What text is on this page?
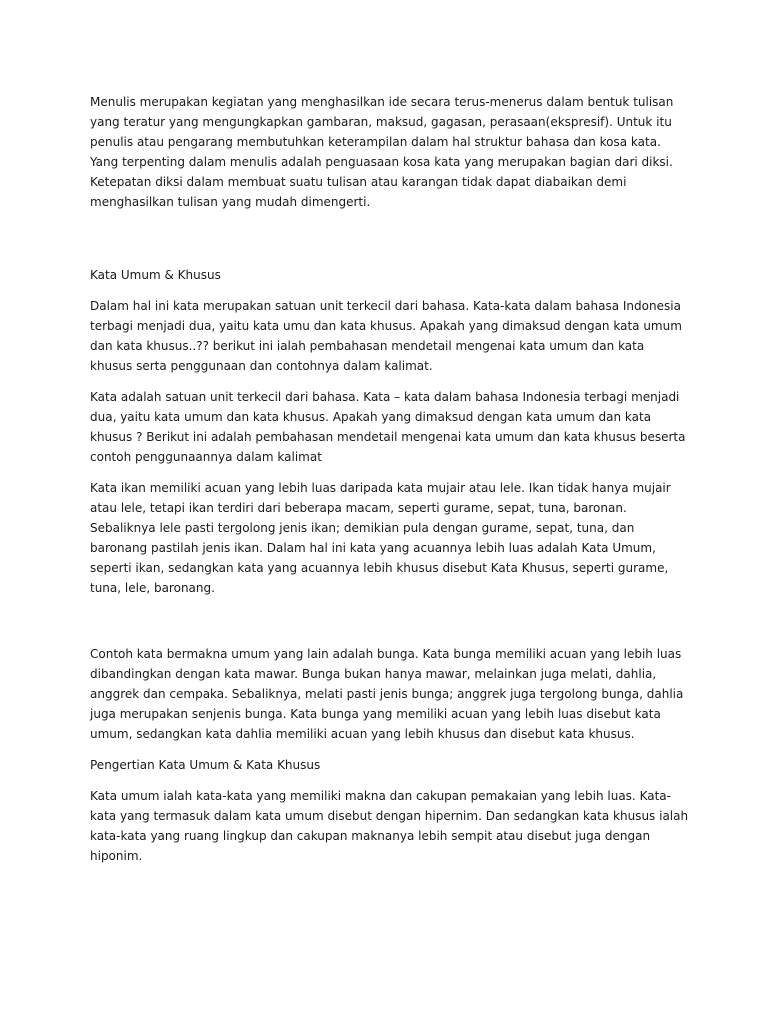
Menulis merupakan kegiatan yang menghasilkan ide secara terus-menerus dalam bentuk tulisan yang teratur yang mengungkapkan gambaran, maksud, gagasan, perasaan(ekspresif). Untuk itu penulis atau pengarang membutuhkan keterampilan dalam hal struktur bahasa dan kosa kata. Yang terpenting dalam menulis adalah penguasaan kosa kata yang merupakan bagian dari diksi. Ketepatan diksi dalam membuat suatu tulisan atau karangan tidak dapat diabaikan demi menghasilkan tulisan yang mudah dimengerti.

Kata Umum & Khusus

Dalam hal ini kata merupakan satuan unit terkecil dari bahasa. Kata-kata dalam bahasa Indonesia terbagi menjadi dua, yaitu kata umu dan kata khusus. Apakah yang dimaksud dengan kata umum dan kata khusus..?? berikut ini ialah pembahasan mendetail mengenai kata umum dan kata khusus serta penggunaan dan contohnya dalam kalimat.

Kata adalah satuan unit terkecil dari bahasa. Kata – kata dalam bahasa Indonesia terbagi menjadi dua, yaitu kata umum dan kata khusus. Apakah yang dimaksud dengan kata umum dan kata khusus ? Berikut ini adalah pembahasan mendetail mengenai kata umum dan kata khusus beserta contoh penggunaannya dalam kalimat

Kata ikan memiliki acuan yang lebih luas daripada kata mujair atau lele. Ikan tidak hanya mujair atau lele, tetapi ikan terdiri dari beberapa macam, seperti gurame, sepat, tuna, baronan. Sebaliknya lele pasti tergolong jenis ikan; demikian pula dengan gurame, sepat, tuna, dan baronang pastilah jenis ikan. Dalam hal ini kata yang acuannya lebih luas adalah Kata Umum, seperti ikan, sedangkan kata yang acuannya lebih khusus disebut Kata Khusus, seperti gurame, tuna, lele, baronang.

Contoh kata bermakna umum yang lain adalah bunga. Kata bunga memiliki acuan yang lebih luas dibandingkan dengan kata mawar. Bunga bukan hanya mawar, melainkan juga melati, dahlia, anggrek dan cempaka. Sebaliknya, melati pasti jenis bunga; anggrek juga tergolong bunga, dahlia juga merupakan senjenis bunga. Kata bunga yang memiliki acuan yang lebih luas disebut kata umum, sedangkan kata dahlia memiliki acuan yang lebih khusus dan disebut kata khusus.

Pengertian Kata Umum & Kata Khusus

Kata umum ialah kata-kata yang memiliki makna dan cakupan pemakaian yang lebih luas. Kata-kata yang termasuk dalam kata umum disebut dengan hipernim. Dan sedangkan kata khusus ialah kata-kata yang ruang lingkup dan cakupan maknanya lebih sempit atau disebut juga dengan hiponim.
